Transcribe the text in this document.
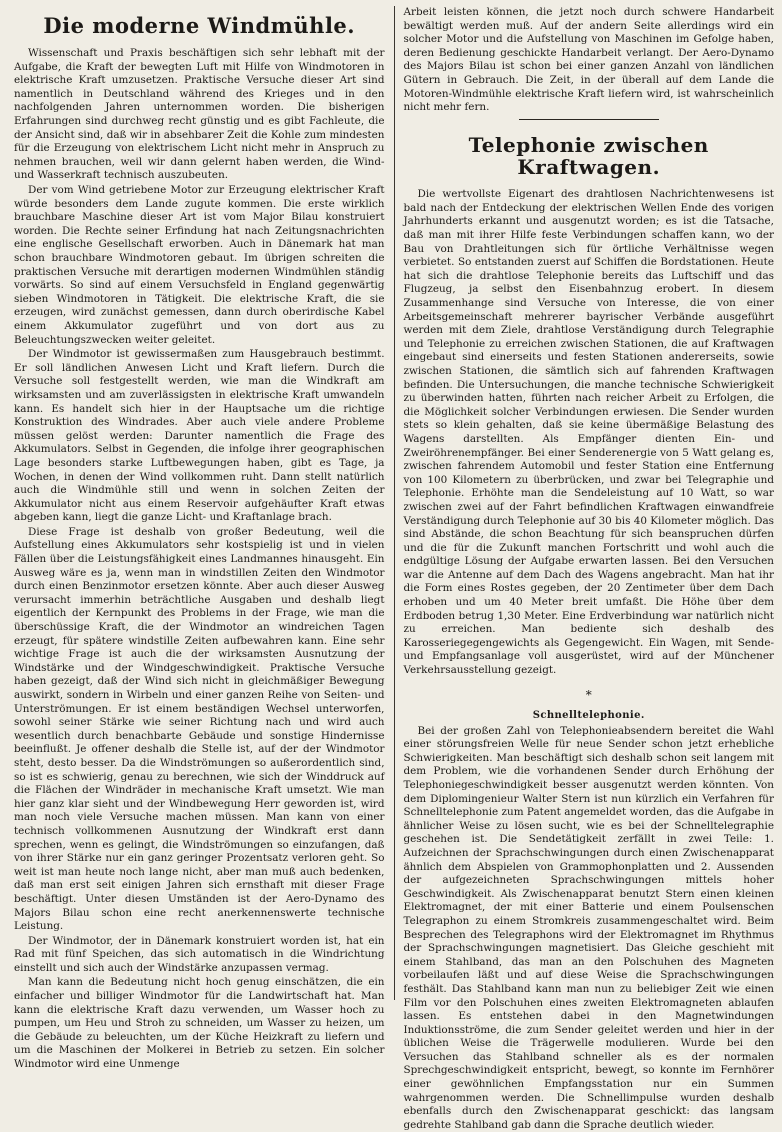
Die moderne Windmühle.

Wissenschaft und Praxis beschäftigen sich sehr lebhaft mit der Aufgabe, die Kraft der bewegten Luft mit Hilfe von Windmotoren in elektrische Kraft umzusetzen. Praktische Versuche dieser Art sind namentlich in Deutschland während des Krieges und in den nachfolgenden Jahren unternommen worden. Die bisherigen Erfahrungen sind durchweg recht günstig und es gibt Fachleute, die der Ansicht sind, daß wir in absehbarer Zeit die Kohle zum mindesten für die Erzeugung von elektrischem Licht nicht mehr in Anspruch zu nehmen brauchen, weil wir dann gelernt haben werden, die Wind- und Wasserkraft technisch auszubeuten.

Der vom Wind getriebene Motor zur Erzeugung elektrischer Kraft würde besonders dem Lande zugute kommen. Die erste wirklich brauchbare Maschine dieser Art ist vom Major Bilau konstruiert worden. Die Rechte seiner Erfindung hat nach Zeitungsnachrichten eine englische Gesellschaft erworben. Auch in Dänemark hat man schon brauchbare Windmotoren gebaut. Im übrigen schreiten die praktischen Versuche mit derartigen modernen Windmühlen ständig vorwärts. So sind auf einem Versuchsfeld in England gegenwärtig sieben Windmotoren in Tätigkeit. Die elektrische Kraft, die sie erzeugen, wird zunächst gemessen, dann durch oberirdische Kabel einem Akkumulator zugeführt und von dort aus zu Beleuchtungszwecken weiter geleitet.

Der Windmotor ist gewissermaßen zum Hausgebrauch bestimmt. Er soll ländlichen Anwesen Licht und Kraft liefern. Durch die Versuche soll festgestellt werden, wie man die Windkraft am wirksamsten und am zuverlässigsten in elektrische Kraft umwandeln kann. Es handelt sich hier in der Hauptsache um die richtige Konstruktion des Windrades. Aber auch viele andere Probleme müssen gelöst werden: Darunter namentlich die Frage des Akkumulators. Selbst in Gegenden, die infolge ihrer geographischen Lage besonders starke Luftbewegungen haben, gibt es Tage, ja Wochen, in denen der Wind vollkommen ruht. Dann stellt natürlich auch die Windmühle still und wenn in solchen Zeiten der Akkumulator nicht aus einem Reservoir aufgehäufter Kraft etwas abgeben kann, liegt die ganze Licht- und Kraftanlage brach.

Diese Frage ist deshalb von großer Bedeutung, weil die Aufstellung eines Akkumulators sehr kostspielig ist und in vielen Fällen über die Leistungsfähigkeit eines Landmannes hinausgeht. Ein Ausweg wäre es ja, wenn man in windstillen Zeiten den Windmotor durch einen Benzinmotor ersetzen könnte. Aber auch dieser Ausweg verursacht immerhin beträchtliche Ausgaben und deshalb liegt eigentlich der Kernpunkt des Problems in der Frage, wie man die überschüssige Kraft, die der Windmotor an windreichen Tagen erzeugt, für spätere windstille Zeiten aufbewahren kann. Eine sehr wichtige Frage ist auch die der wirksamsten Ausnutzung der Windstärke und der Windgeschwindigkeit. Praktische Versuche haben gezeigt, daß der Wind sich nicht in gleichmäßiger Bewegung auswirkt, sondern in Wirbeln und einer ganzen Reihe von Seiten- und Unterströmungen. Er ist einem beständigen Wechsel unterworfen, sowohl seiner Stärke wie seiner Richtung nach und wird auch wesentlich durch benachbarte Gebäude und sonstige Hindernisse beeinflußt. Je offener deshalb die Stelle ist, auf der der Windmotor steht, desto besser. Da die Windströmungen so außerordentlich sind, so ist es schwierig, genau zu berechnen, wie sich der Winddruck auf die Flächen der Windräder in mechanische Kraft umsetzt. Wie man hier ganz klar sieht und der Windbewegung Herr geworden ist, wird man noch viele Versuche machen müssen. Man kann von einer technisch vollkommenen Ausnutzung der Windkraft erst dann sprechen, wenn es gelingt, die Windströmungen so einzufangen, daß von ihrer Stärke nur ein ganz geringer Prozentsatz verloren geht. So weit ist man heute noch lange nicht, aber man muß auch bedenken, daß man erst seit einigen Jahren sich ernsthaft mit dieser Frage beschäftigt. Unter diesen Umständen ist der Aero-Dynamo des Majors Bilau schon eine recht anerkennenswerte technische Leistung.

Der Windmotor, der in Dänemark konstruiert worden ist, hat ein Rad mit fünf Speichen, das sich automatisch in die Windrichtung einstellt und sich auch der Windstärke anzupassen vermag.

Man kann die Bedeutung nicht hoch genug einschätzen, die ein einfacher und billiger Windmotor für die Landwirtschaft hat. Man kann die elektrische Kraft dazu verwenden, um Wasser hoch zu pumpen, um Heu und Stroh zu schneiden, um Wasser zu heizen, um die Gebäude zu beleuchten, um der Küche Heizkraft zu liefern und um die Maschinen der Molkerei in Betrieb zu setzen. Ein solcher Windmotor wird eine Unmenge

Arbeit leisten können, die jetzt noch durch schwere Handarbeit bewältigt werden muß. Auf der andern Seite allerdings wird ein solcher Motor und die Aufstellung von Maschinen im Gefolge haben, deren Bedienung geschickte Handarbeit verlangt. Der Aero-Dynamo des Majors Bilau ist schon bei einer ganzen Anzahl von ländlichen Gütern in Gebrauch. Die Zeit, in der überall auf dem Lande die Motoren-Windmühle elektrische Kraft liefern wird, ist wahrscheinlich nicht mehr fern.

Telephonie zwischen Kraftwagen.

Die wertvollste Eigenart des drahtlosen Nachrichtenwesens ist bald nach der Entdeckung der elektrischen Wellen Ende des vorigen Jahrhunderts erkannt und ausgenutzt worden; es ist die Tatsache, daß man mit ihrer Hilfe feste Verbindungen schaffen kann, wo der Bau von Drahtleitungen sich für örtliche Verhältnisse wegen verbietet. So entstanden zuerst auf Schiffen die Bordstationen. Heute hat sich die drahtlose Telephonie bereits das Luftschiff und das Flugzeug, ja selbst den Eisenbahnzug erobert. In diesem Zusammenhange sind Versuche von Interesse, die von einer Arbeitsgemeinschaft mehrerer bayrischer Verbände ausgeführt werden mit dem Ziele, drahtlose Verständigung durch Telegraphie und Telephonie zu erreichen zwischen Stationen, die auf Kraftwagen eingebaut sind einerseits und festen Stationen andererseits, sowie zwischen Stationen, die sämtlich sich auf fahrenden Kraftwagen befinden. Die Untersuchungen, die manche technische Schwierigkeit zu überwinden hatten, führten nach reicher Arbeit zu Erfolgen, die die Möglichkeit solcher Verbindungen erwiesen. Die Sender wurden stets so klein gehalten, daß sie keine übermäßige Belastung des Wagens darstellten. Als Empfänger dienten Ein- und Zweiröhrenempfänger. Bei einer Senderenergie von 5 Watt gelang es, zwischen fahrendem Automobil und fester Station eine Entfernung von 100 Kilometern zu überbrücken, und zwar bei Telegraphie und Telephonie. Erhöhte man die Sendeleistung auf 10 Watt, so war zwischen zwei auf der Fahrt befindlichen Kraftwagen einwandfreie Verständigung durch Telephonie auf 30 bis 40 Kilometer möglich. Das sind Abstände, die schon Beachtung für sich beanspruchen dürfen und die für die Zukunft manchen Fortschritt und wohl auch die endgültige Lösung der Aufgabe erwarten lassen. Bei den Versuchen war die Antenne auf dem Dach des Wagens angebracht. Man hat ihr die Form eines Rostes gegeben, der 20 Zentimeter über dem Dach erhoben und um 40 Meter breit umfaßt. Die Höhe über dem Erdboden betrug 1,30 Meter. Eine Erdverbindung war natürlich nicht zu erreichen. Man bediente sich deshalb des Karosseriegegengewichts als Gegengewicht. Ein Wagen, mit Sende- und Empfangsanlage voll ausgerüstet, wird auf der Münchener Verkehrsausstellung gezeigt.

*
Schnelltelephonie.

Bei der großen Zahl von Telephonieabsendern bereitet die Wahl einer störungsfreien Welle für neue Sender schon jetzt erhebliche Schwierigkeiten. Man beschäftigt sich deshalb schon seit langem mit dem Problem, wie die vorhandenen Sender durch Erhöhung der Telephoniegeschwindigkeit besser ausgenutzt werden könnten. Von dem Diplomingenieur Walter Stern ist nun kürzlich ein Verfahren für Schnelltelephonie zum Patent angemeldet worden, das die Aufgabe in ähnlicher Weise zu lösen sucht, wie es bei der Schnelltelegraphie geschehen ist. Die Sendetätigkeit zerfällt in zwei Teile: 1. Aufzeichnen der Sprachschwingungen durch einen Zwischenapparat ähnlich dem Abspielen von Grammophonplatten und 2. Aussenden der aufgezeichneten Sprachschwingungen mittels hoher Geschwindigkeit. Als Zwischenapparat benutzt Stern einen kleinen Elektromagnet, der mit einer Batterie und einem Poulsenschen Telegraphon zu einem Stromkreis zusammengeschaltet wird. Beim Besprechen des Telegraphons wird der Elektromagnet im Rhythmus der Sprachschwingungen magnetisiert. Das Gleiche geschieht mit einem Stahlband, das man an den Polschuhen des Magneten vorbeilaufen läßt und auf diese Weise die Sprachschwingungen festhält. Das Stahlband kann man nun zu beliebiger Zeit wie einen Film vor den Polschuhen eines zweiten Elektromagneten ablaufen lassen. Es entstehen dabei in den Magnetwindungen Induktionsströme, die zum Sender geleitet werden und hier in der üblichen Weise die Trägerwelle modulieren. Wurde bei den Versuchen das Stahlband schneller als es der normalen Sprechgeschwindigkeit entspricht, bewegt, so konnte im Fernhörer einer gewöhnlichen Empfangsstation nur ein Summen wahrgenommen werden. Die Schnellimpulse wurden deshalb ebenfalls durch den Zwischenapparat geschickt: das langsam gedrehte Stahlband gab dann die Sprache deutlich wieder.
